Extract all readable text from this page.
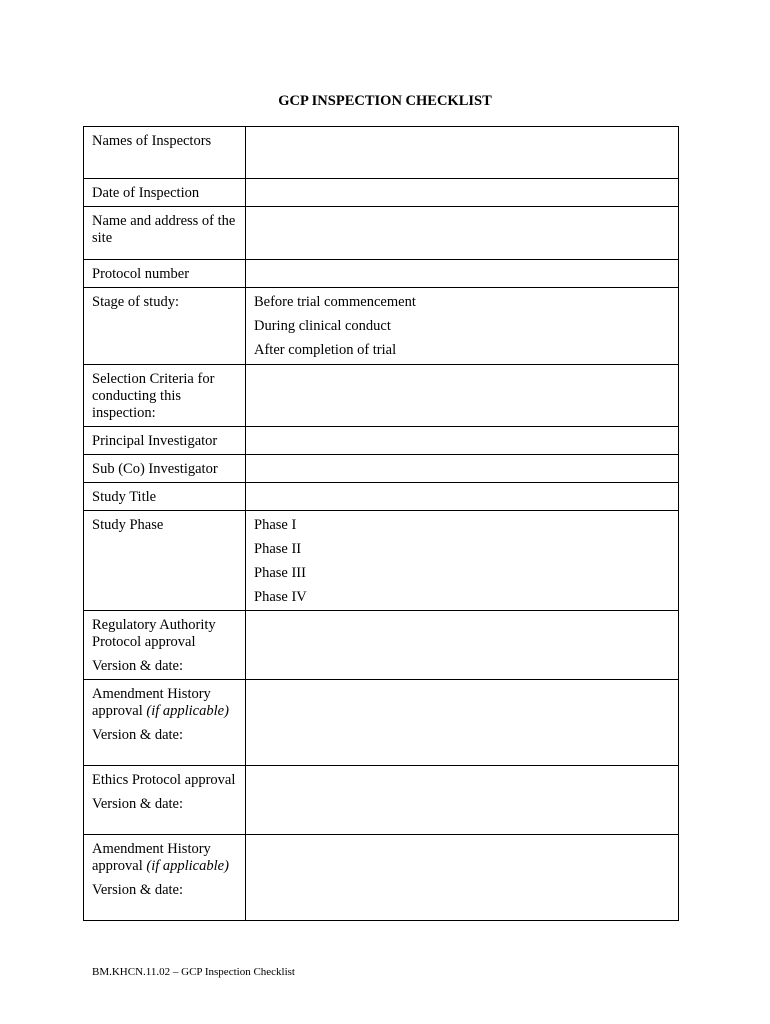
GCP INSPECTION CHECKLIST
Names of Inspectors	
Date of Inspection	
Name and address of the site	
Protocol number	
Stage of study:	Before trial commencement
During clinical conduct
After completion of trial

Selection Criteria for conducting this inspection:	
Principal Investigator	
Sub (Co) Investigator	
Study Title	
Study Phase	Phase I
Phase II
Phase III
Phase IV

Regulatory Authority Protocol approval
Version & date:	

Amendment History approval (if applicable)
Version & date:	

Ethics Protocol approval
Version & date:	

Amendment History approval (if applicable)
Version & date:	

BM.KHCN.11.02 – GCP Inspection Checklist
